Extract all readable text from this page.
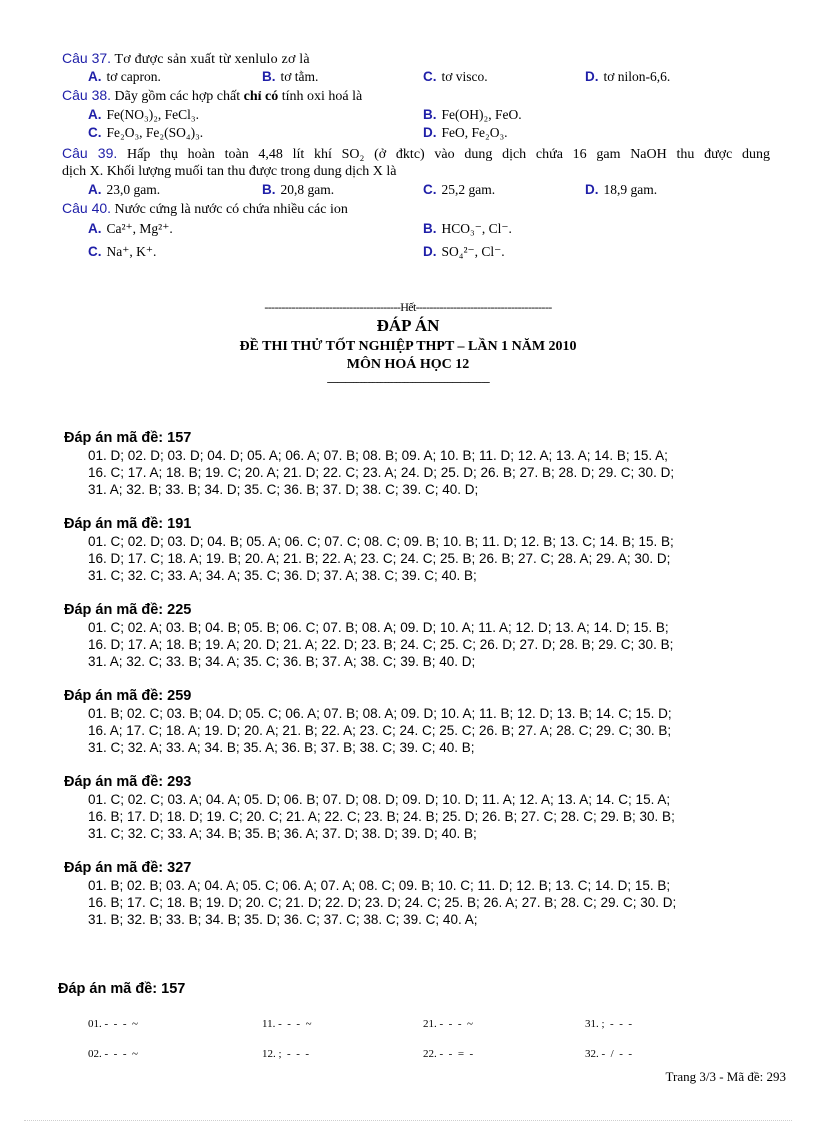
Câu 37. Tơ được sản xuất từ xenlulo zơ là
A. tơ capron.	B. tơ tằm.	C. tơ visco.	D. tơ nilon-6,6.
Câu 38. Dãy gồm các hợp chất chỉ có tính oxi hoá là
A. Fe(NO₃)₂, FeCl₃.	B. Fe(OH)₂, FeO.
C. Fe₂O₃, Fe₂(SO₄)₃.	D. FeO, Fe₂O₃.
Câu 39. Hấp thụ hoàn toàn 4,48 lít khí SO₂ (ở đktc) vào dung dịch chứa 16 gam NaOH thu được dung
dịch X. Khối lượng muối tan thu được trong dung dịch X là
A. 23,0 gam.	B. 20,8 gam.	C. 25,2 gam.	D. 18,9 gam.
Câu 40. Nước cứng là nước có chứa nhiều các ion
A. Ca²⁺, Mg²⁺.	B. HCO₃⁻, Cl⁻.
C. Na⁺, K⁺.	D. SO₄²⁻, Cl⁻.
----------------------------------------Hết----------------------------------------
ĐÁP ÁN
ĐỀ THI THỬ TỐT NGHIỆP THPT – LẦN 1 NĂM 2010
MÔN HOÁ HỌC 12
-------------------------------------------------------------
Đáp án mã đề: 157
01. D; 02. D; 03. D; 04. D; 05. A; 06. A; 07. B; 08. B; 09. A; 10. B; 11. D; 12. A; 13. A; 14. B; 15. A;
16. C; 17. A; 18. B; 19. C; 20. A; 21. D; 22. C; 23. A; 24. D; 25. D; 26. B; 27. B; 28. D; 29. C; 30. D;
31. A; 32. B; 33. B; 34. D; 35. C; 36. B; 37. D; 38. C; 39. C; 40. D;
Đáp án mã đề: 191
01. C; 02. D; 03. D; 04. B; 05. A; 06. C; 07. C; 08. C; 09. B; 10. B; 11. D; 12. B; 13. C; 14. B; 15. B;
16. D; 17. C; 18. A; 19. B; 20. A; 21. B; 22. A; 23. C; 24. C; 25. B; 26. B; 27. C; 28. A; 29. A; 30. D;
31. C; 32. C; 33. A; 34. A; 35. C; 36. D; 37. A; 38. C; 39. C; 40. B;
Đáp án mã đề: 225
01. C; 02. A; 03. B; 04. B; 05. B; 06. C; 07. B; 08. A; 09. D; 10. A; 11. A; 12. D; 13. A; 14. D; 15. B;
16. D; 17. A; 18. B; 19. A; 20. D; 21. A; 22. D; 23. B; 24. C; 25. C; 26. D; 27. D; 28. B; 29. C; 30. B;
31. A; 32. C; 33. B; 34. A; 35. C; 36. B; 37. A; 38. C; 39. B; 40. D;
Đáp án mã đề: 259
01. B; 02. C; 03. B; 04. D; 05. C; 06. A; 07. B; 08. A; 09. D; 10. A; 11. B; 12. D; 13. B; 14. C; 15. D;
16. A; 17. C; 18. A; 19. D; 20. A; 21. B; 22. A; 23. C; 24. C; 25. C; 26. B; 27. A; 28. C; 29. C; 30. B;
31. C; 32. A; 33. A; 34. B; 35. A; 36. B; 37. B; 38. C; 39. C; 40. B;
Đáp án mã đề: 293
01. C; 02. C; 03. A; 04. A; 05. D; 06. B; 07. D; 08. D; 09. D; 10. D; 11. A; 12. A; 13. A; 14. C; 15. A;
16. B; 17. D; 18. D; 19. C; 20. C; 21. A; 22. C; 23. B; 24. B; 25. D; 26. B; 27. C; 28. C; 29. B; 30. B;
31. C; 32. C; 33. A; 34. B; 35. B; 36. A; 37. D; 38. D; 39. D; 40. B;
Đáp án mã đề: 327
01. B; 02. B; 03. A; 04. A; 05. C; 06. A; 07. A; 08. C; 09. B; 10. C; 11. D; 12. B; 13. C; 14. D; 15. B;
16. B; 17. C; 18. B; 19. D; 20. C; 21. D; 22. D; 23. D; 24. C; 25. B; 26. A; 27. B; 28. C; 29. C; 30. D;
31. B; 32. B; 33. B; 34. B; 35. D; 36. C; 37. C; 38. C; 39. C; 40. A;
Đáp án mã đề: 157
01. -  -  -  ~	11. -  -  -  ~	21. -  -  -  ~	31. ;  -  -  -
02. -  -  -  ~	12. ;  -  -  -	22. -  -  =  -	32. -  /  -  -
Trang 3/3 - Mã đề: 293
